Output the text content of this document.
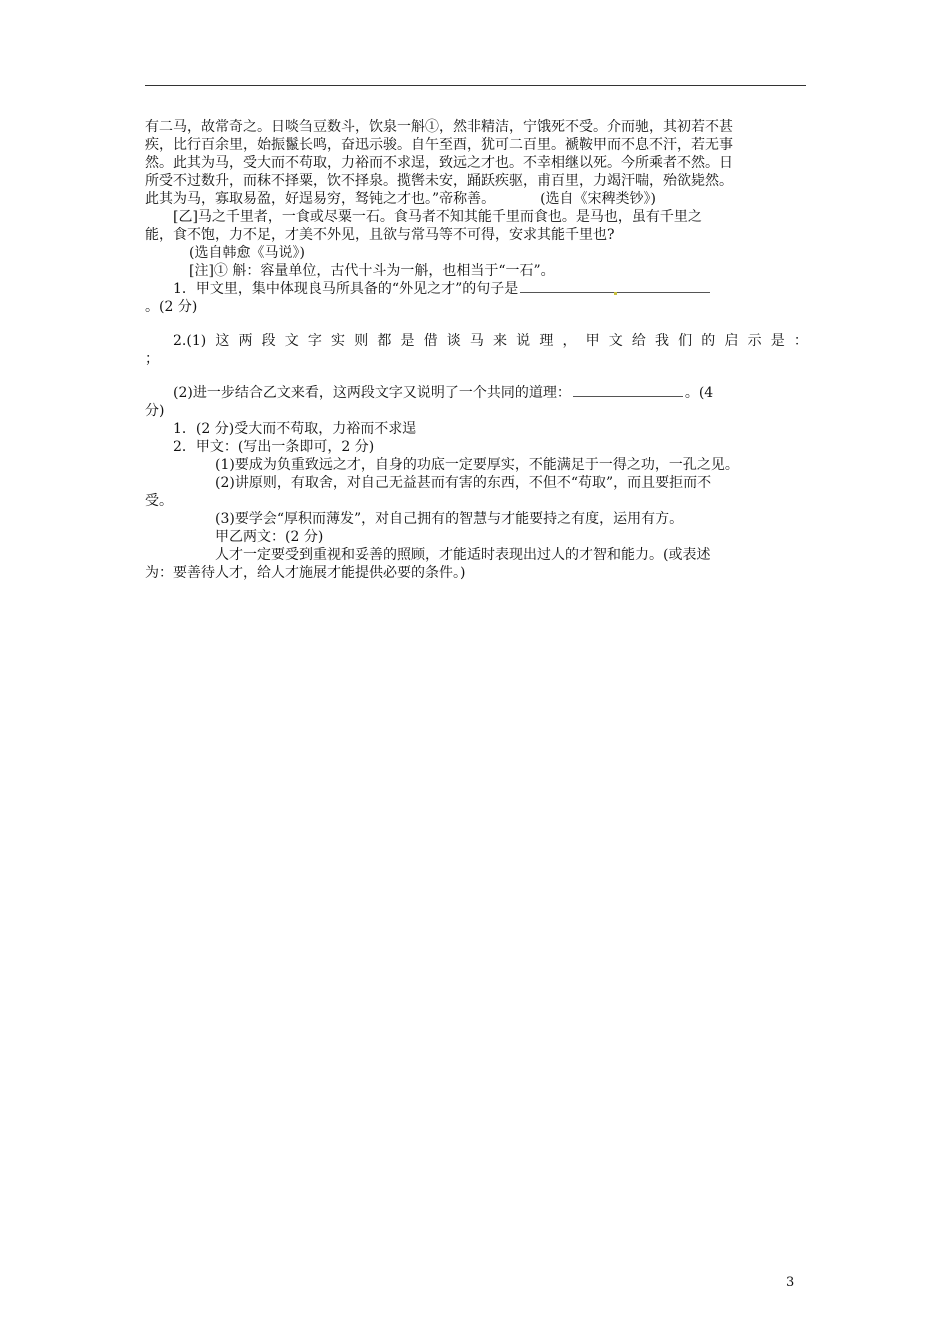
有二马，故常奇之。日啖刍豆数斗，饮泉一斛①，然非精洁，宁饿死不受。介而驰，其初若不甚
疾，比行百余里，始振鬣长鸣，奋迅示骏。自午至酉，犹可二百里。褫鞍甲而不息不汗，若无事
然。此其为马，受大而不苟取，力裕而不求逞，致远之才也。不幸相继以死。今所乘者不然。日
所受不过数升，而秣不择粟，饮不择泉。揽辔未安，踊跃疾驱，甫百里，力竭汗喘，殆欲毙然。
此其为马，寡取易盈，好逞易穷，驽钝之才也。”帝称善。	(选自《宋稗类钞》)
[乙]马之千里者，一食或尽粟一石。食马者不知其能千里而食也。是马也，虽有千里之
能，食不饱，力不足，才美不外见，且欲与常马等不可得，安求其能千里也?
(选自韩愈《马说》)
[注]① 斛：容量单位，古代十斗为一斛，也相当于“一石”。
1．甲文里，集中体现良马所具备的“外见之才”的句子是
。(2 分)
2.(1) 这 两 段 文 字 实 则 都 是 借 谈 马 来 说 理 ， 甲 文 给 我 们 的 启 示 是 ：
；
(2)进一步结合乙文来看，这两段文字又说明了一个共同的道理：	。(4
分)
1．(2 分)受大而不苟取，力裕而不求逞
2．甲文：(写出一条即可，2 分)
(1)要成为负重致远之才，自身的功底一定要厚实，不能满足于一得之功，一孔之见。
(2)讲原则，有取舍，对自己无益甚而有害的东西，不但不“苟取”，而且要拒而不
受。
(3)要学会“厚积而薄发”，对自己拥有的智慧与才能要持之有度，运用有方。
甲乙两文：(2 分)
人才一定要受到重视和妥善的照顾，才能适时表现出过人的才智和能力。(或表述
为：要善待人才，给人才施展才能提供必要的条件。)
3
